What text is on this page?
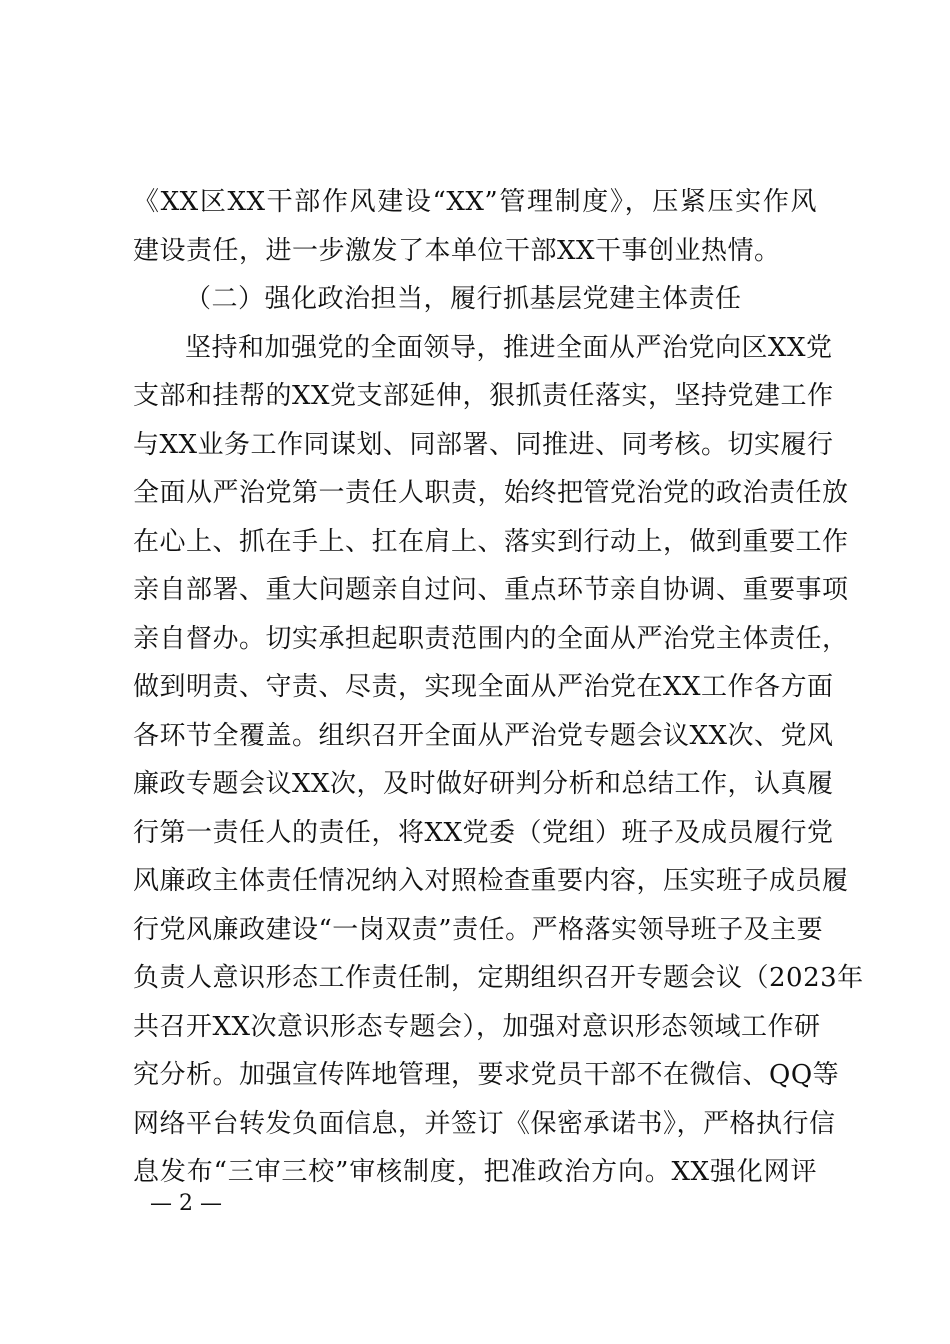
《XX区XX干部作风建设“XX”管理制度》，压紧压实作风
建设责任，进一步激发了本单位干部XX干事创业热情。
（二）强化政治担当，履行抓基层党建主体责任
坚持和加强党的全面领导，推进全面从严治党向区XX党
支部和挂帮的XX党支部延伸，狠抓责任落实，坚持党建工作
与XX业务工作同谋划、同部署、同推进、同考核。切实履行
全面从严治党第一责任人职责，始终把管党治党的政治责任放
在心上、抓在手上、扛在肩上、落实到行动上，做到重要工作
亲自部署、重大问题亲自过问、重点环节亲自协调、重要事项
亲自督办。切实承担起职责范围内的全面从严治党主体责任，
做到明责、守责、尽责，实现全面从严治党在XX工作各方面
各环节全覆盖。组织召开全面从严治党专题会议XX次、党风
廉政专题会议XX次，及时做好研判分析和总结工作，认真履
行第一责任人的责任，将XX党委（党组）班子及成员履行党
风廉政主体责任情况纳入对照检查重要内容，压实班子成员履
行党风廉政建设“一岗双责”责任。严格落实领导班子及主要
负责人意识形态工作责任制，定期组织召开专题会议（2023年
共召开XX次意识形态专题会），加强对意识形态领域工作研
究分析。加强宣传阵地管理，要求党员干部不在微信、QQ等
网络平台转发负面信息，并签订《保密承诺书》，严格执行信
息发布“三审三校”审核制度，把准政治方向。XX强化网评
— 2 —
